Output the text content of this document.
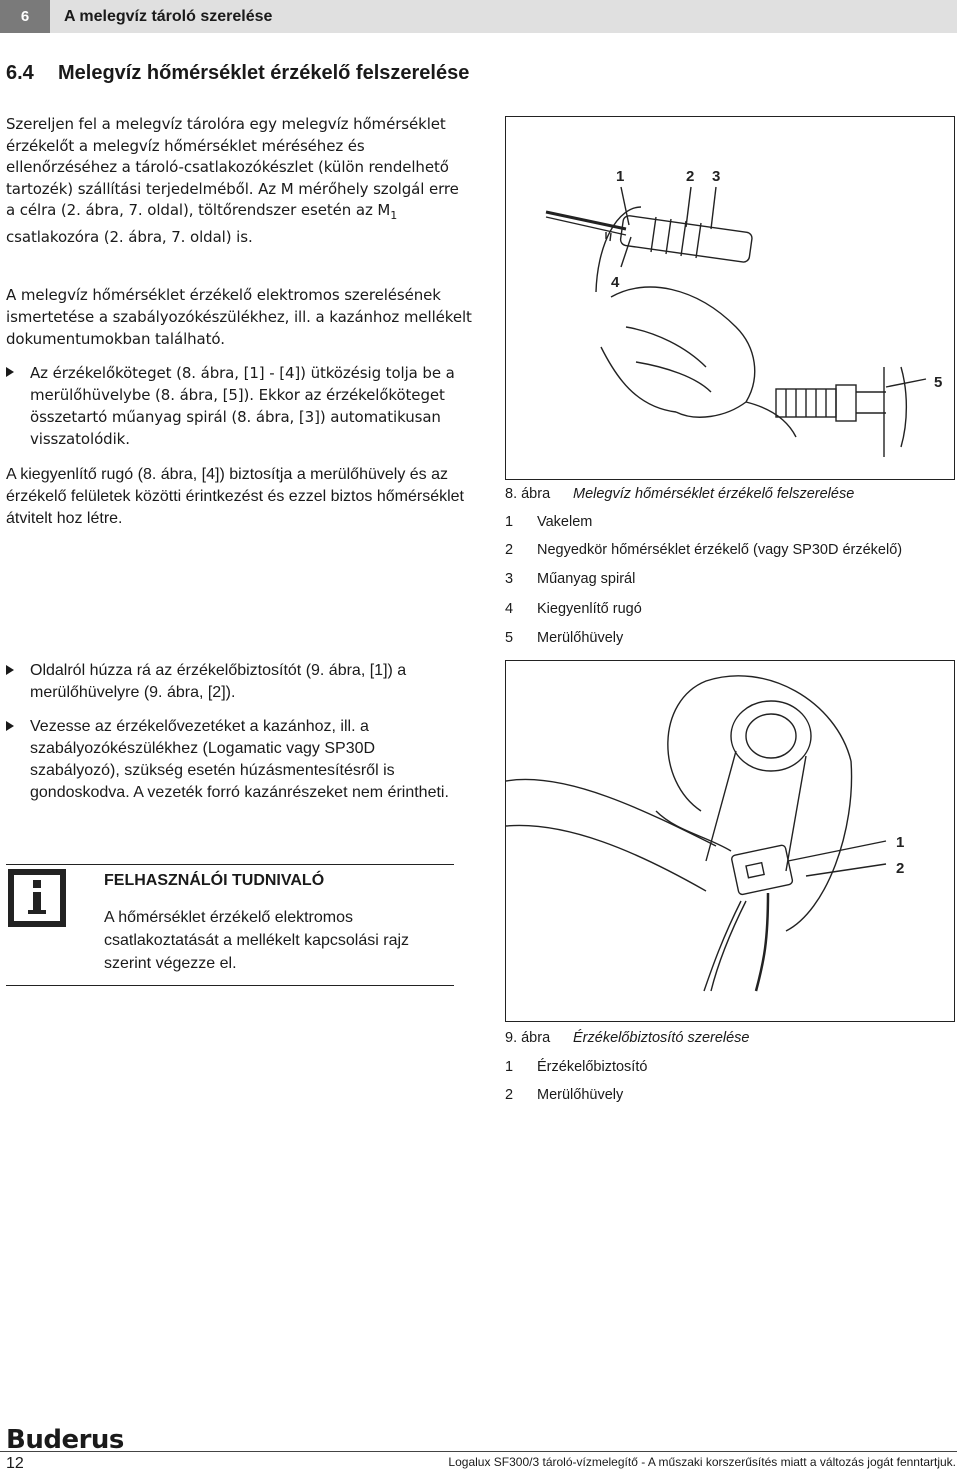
6	A melegvíz tároló szerelése
6.4 Melegvíz hőmérséklet érzékelő felszerelése

Szereljen fel a melegvíz tárolóra egy melegvíz hőmérséklet érzékelőt a melegvíz hőmérséklet méréséhez és ellenőrzéséhez a tároló-csatlakozókészlet (külön rendelhető tartozék) szállítási terjedelméből. Az M mérőhely szolgál erre a célra (2. ábra, 7. oldal), töltőrendszer esetén az $M_1$ csatlakozóra (2. ábra, 7. oldal) is.

A melegvíz hőmérséklet érzékelő elektromos szerelésének ismertetése a szabályozókészülékhez, ill. a kazánhoz mellékelt dokumentumokban található.

Az érzékelőköteget (8. ábra, [1] - [4]) ütközésig tolja be a merülőhüvelybe (8. ábra, [5]). Ekkor az érzékelőköteget összetartó műanyag spirál (8. ábra, [3]) automatikusan visszatolódik.

A kiegyenlítő rugó (8. ábra, [4]) biztosítja a merülőhüvely és az érzékelő felületek közötti érintkezést és ezzel biztos hőmérséklet átvitelt hoz létre.

Oldalról húzza rá az érzékelőbiztosítót (9. ábra, [1]) a merülőhüvelyre (9. ábra, [2]).
Vezesse az érzékelővezetéket a kazánhoz, ill. a szabályozókészülékhez (Logamatic vagy SP30D szabályozó), szükség esetén húzásmentesítésről is gondoskodva. A vezeték forró kazánrészeket nem érintheti.
FELHASZNÁLÓI TUDNIVALÓ
A hőmérséklet érzékelő elektromos csatlakoztatását a mellékelt kapcsolási rajz szerint végezze el.
1	2 3
4
5
8. ábra Melegvíz hőmérséklet érzékelő felszerelése
1 Vakelem
2 Negyedkör hőmérséklet érzékelő (vagy SP30D érzékelő)
3 Műanyag spirál
4 Kiegyenlítő rugó
5 Merülőhüvely
1
2
9. ábra Érzékelőbiztosító szerelése
1 Érzékelőbiztosító
2 Merülőhüvely
Buderus
12	Logalux SF300/3 tároló-vízmelegítő - A műszaki korszerűsítés miatt a változás jogát fenntartjuk.
